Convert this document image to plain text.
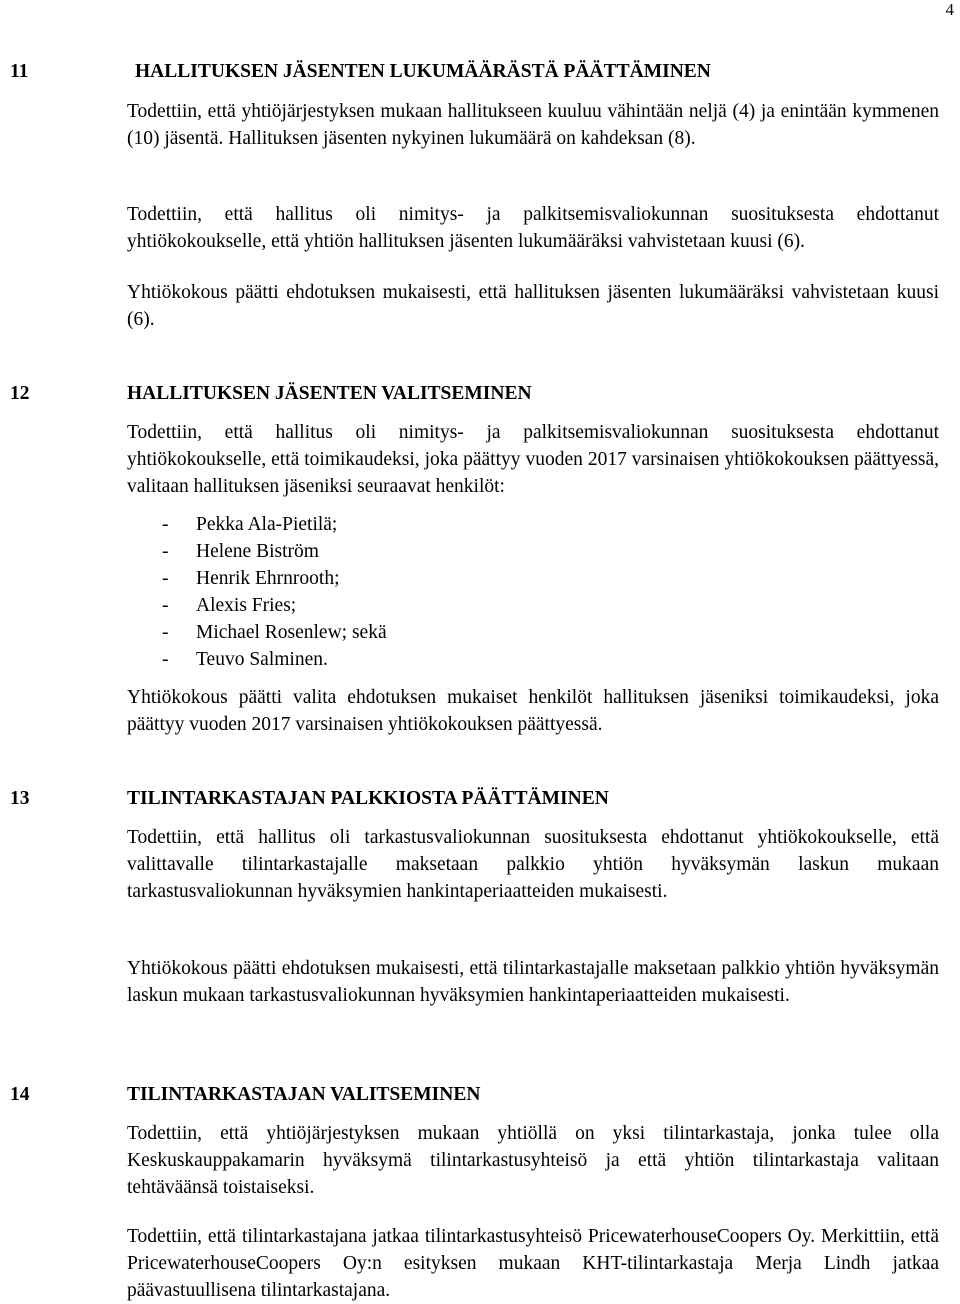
4
11	HALLITUKSEN JÄSENTEN LUKUMÄÄRÄSTÄ PÄÄTTÄMINEN

Todettiin, että yhtiöjärjestyksen mukaan hallitukseen kuuluu vähintään neljä (4) ja enintään kymmenen (10) jäsentä. Hallituksen jäsenten nykyinen lukumäärä on kahdeksan (8).

Todettiin, että hallitus oli nimitys- ja palkitsemisvaliokunnan suosituksesta ehdottanut yhtiökokoukselle, että yhtiön hallituksen jäsenten lukumääräksi vahvistetaan kuusi (6).

Yhtiökokous päätti ehdotuksen mukaisesti, että hallituksen jäsenten lukumääräksi vahvistetaan kuusi (6).

12	HALLITUKSEN JÄSENTEN VALITSEMINEN

Todettiin, että hallitus oli nimitys- ja palkitsemisvaliokunnan suosituksesta ehdottanut yhtiökokoukselle, että toimikaudeksi, joka päättyy vuoden 2017 varsinaisen yhtiökokouksen päättyessä, valitaan hallituksen jäseniksi seuraavat henkilöt:

- Pekka Ala-Pietilä;
- Helene Biström
- Henrik Ehrnrooth;
- Alexis Fries;
- Michael Rosenlew; sekä
- Teuvo Salminen.

Yhtiökokous päätti valita ehdotuksen mukaiset henkilöt hallituksen jäseniksi toimikaudeksi, joka päättyy vuoden 2017 varsinaisen yhtiökokouksen päättyessä.

13	TILINTARKASTAJAN PALKKIOSTA PÄÄTTÄMINEN

Todettiin, että hallitus oli tarkastusvaliokunnan suosituksesta ehdottanut yhtiökokoukselle, että valittavalle tilintarkastajalle maksetaan palkkio yhtiön hyväksymän laskun mukaan tarkastusvaliokunnan hyväksymien hankintaperiaatteiden mukaisesti.

Yhtiökokous päätti ehdotuksen mukaisesti, että tilintarkastajalle maksetaan palkkio yhtiön hyväksymän laskun mukaan tarkastusvaliokunnan hyväksymien hankintaperiaatteiden mukaisesti.

14	TILINTARKASTAJAN VALITSEMINEN

Todettiin, että yhtiöjärjestyksen mukaan yhtiöllä on yksi tilintarkastaja, jonka tulee olla Keskuskauppakamarin hyväksymä tilintarkastusyhteisö ja että yhtiön tilintarkastaja valitaan tehtäväänsä toistaiseksi.

Todettiin, että tilintarkastajana jatkaa tilintarkastusyhteisö PricewaterhouseCoopers Oy. Merkittiin, että PricewaterhouseCoopers Oy:n esityksen mukaan KHT-tilintarkastaja Merja Lindh jatkaa päävastuullisena tilintarkastajana.
